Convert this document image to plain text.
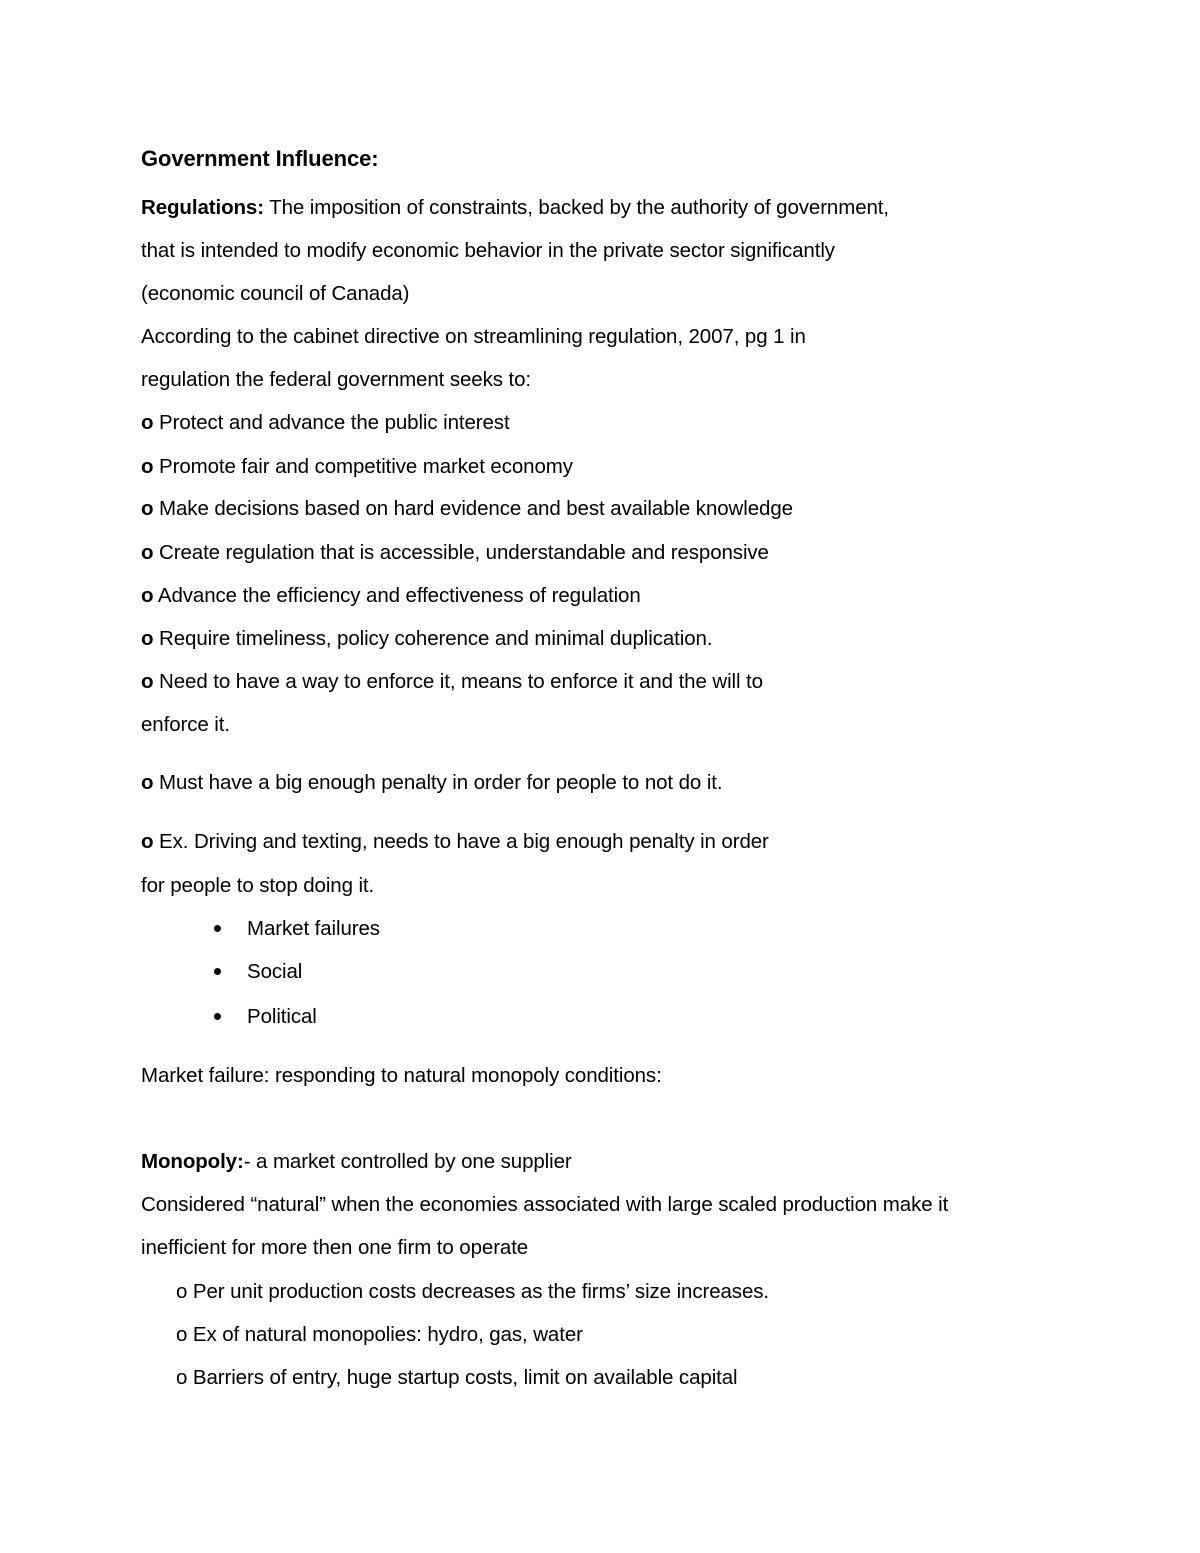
Government Influence:

Regulations: The imposition of constraints, backed by the authority of government,

that is intended to modify economic behavior in the private sector significantly

(economic council of Canada)

According to the cabinet directive on streamlining regulation, 2007, pg 1 in

regulation the federal government seeks to:

o Protect and advance the public interest

o Promote fair and competitive market economy

o Make decisions based on hard evidence and best available knowledge

o Create regulation that is accessible, understandable and responsive

o Advance the efficiency and effectiveness of regulation

o Require timeliness, policy coherence and minimal duplication.

o Need to have a way to enforce it, means to enforce it and the will to

enforce it.

o Must have a big enough penalty in order for people to not do it.

o Ex. Driving and texting, needs to have a big enough penalty in order

for people to stop doing it.

Market failures

Social

Political

Market failure: responding to natural monopoly conditions:

Monopoly:- a market controlled by one supplier

Considered “natural” when the economies associated with large scaled production make it

inefficient for more then one firm to operate

o Per unit production costs decreases as the firms’ size increases.

o Ex of natural monopolies: hydro, gas, water

o Barriers of entry, huge startup costs, limit on available capital
